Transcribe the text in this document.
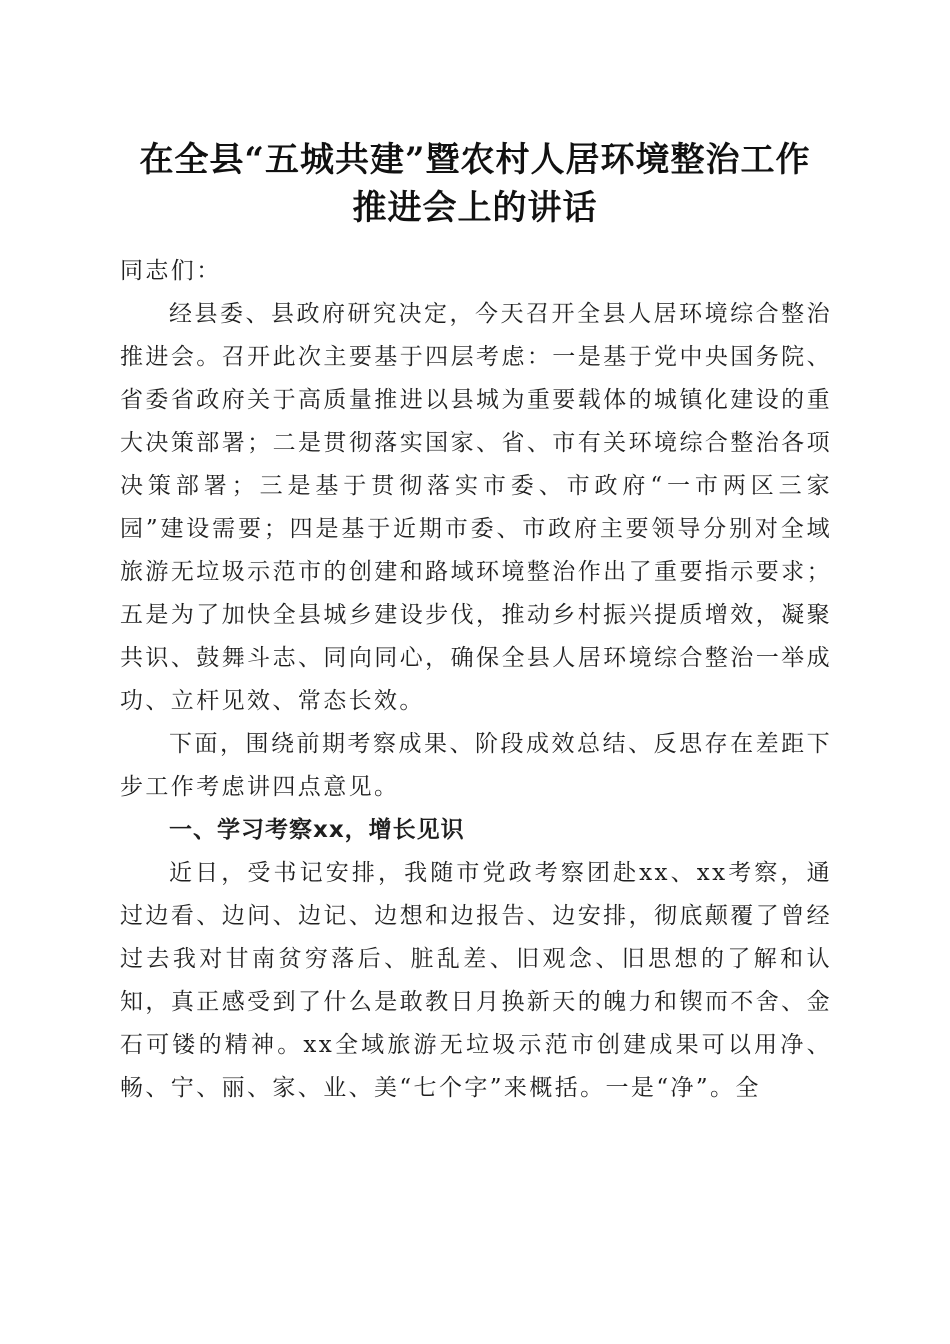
在全县“五城共建”暨农村人居环境整治工作
推进会上的讲话

同志们：

经县委、县政府研究决定，今天召开全县人居环境综合整治推进会。召开此次主要基于四层考虑：一是基于党中央国务院、省委省政府关于高质量推进以县城为重要载体的城镇化建设的重大决策部署；二是贯彻落实国家、省、市有关环境综合整治各项决策部署；三是基于贯彻落实市委、市政府“一市两区三家园”建设需要；四是基于近期市委、市政府主要领导分别对全域旅游无垃圾示范市的创建和路域环境整治作出了重要指示要求；五是为了加快全县城乡建设步伐，推动乡村振兴提质增效，凝聚共识、鼓舞斗志、同向同心，确保全县人居环境综合整治一举成功、立杆见效、常态长效。

下面，围绕前期考察成果、阶段成效总结、反思存在差距下步工作考虑讲四点意见。

一、学习考察xx，增长见识

近日，受书记安排，我随市党政考察团赴xx、xx考察，通过边看、边问、边记、边想和边报告、边安排，彻底颠覆了曾经过去我对甘南贫穷落后、脏乱差、旧观念、旧思想的了解和认知，真正感受到了什么是敢教日月换新天的魄力和锲而不舍、金石可镂的精神。xx全域旅游无垃圾示范市创建成果可以用净、畅、宁、丽、家、业、美“七个字”来概括。一是“净”。全
